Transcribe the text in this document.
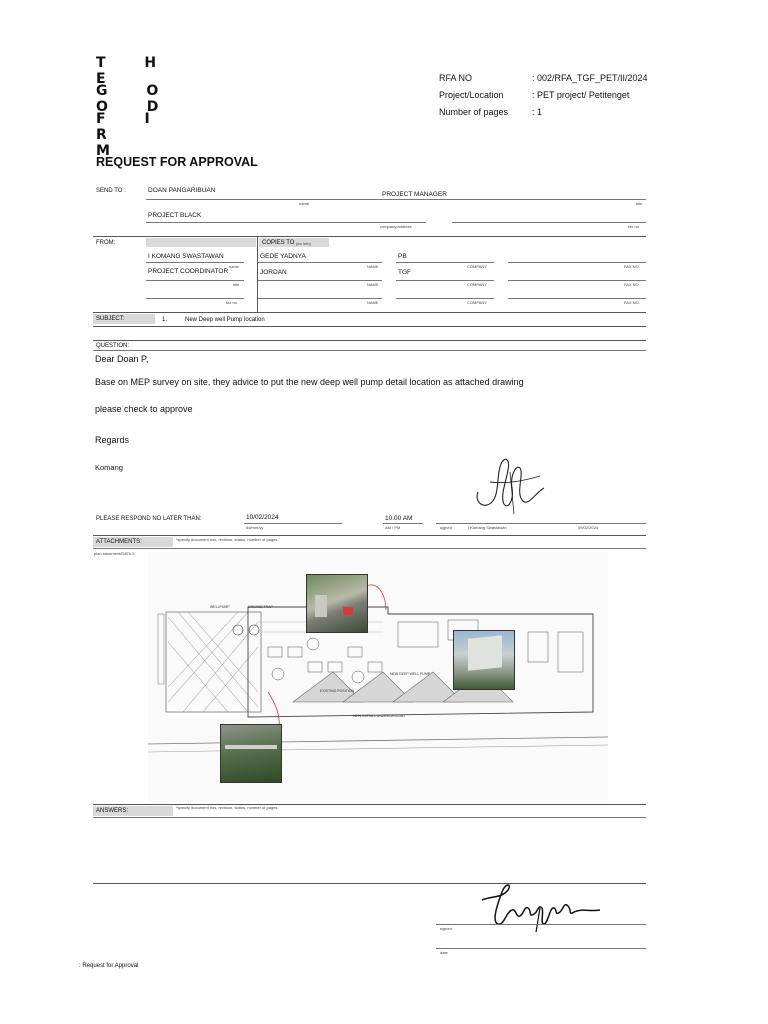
T H E
G O O D
F I R M
RFA NO	: 002/RFA_TGF_PET/II/2024
Project/Location	: PET project/ Petitenget
Number of pages	: 1
REQUEST FOR APPROVAL
SEND TO :	DOAN PANGARIBUAN
name
PROJECT MANAGER
title
PROJECT BLACK
company/address	fax no.
FROM:	COPIES TO (for info)
I KOMANG SWASTAWAN
name
PROJECT COORDINATOR
title
fax no.
GEDE YADNYA	PB
NAME	COMPANY	FAX NO.
JORDAN	TGF
NAME	COMPANY	FAX NO.
NAME	COMPANY	FAX NO.
SUBJECT:	1.	New Deep well Pump location
QUESTION:
Dear Doan P,
Base on MEP survey on site, they advice to put the new deep well pump detail location as attached drawing
please check to approve
Regards
Komang
PLEASE RESPOND NO LATER THAN:	10/02/2024
dd/mm/yy
10.00 AM
AM / PM	signed	I Komang Swastawan	09/02/2024
ATTACHMENTS:	*specify document nos, revision, status, number of pages
plan basement/DATA 5
WELLPUMP	GREASE TRAP
EXISTING POSITION
NEW DEEP WELL PUMP
NEW INSTALL UNDERGROUND
ANSWERS:
*specify document nos, revision, status, number of pages
signed
date
: Request for Approval
